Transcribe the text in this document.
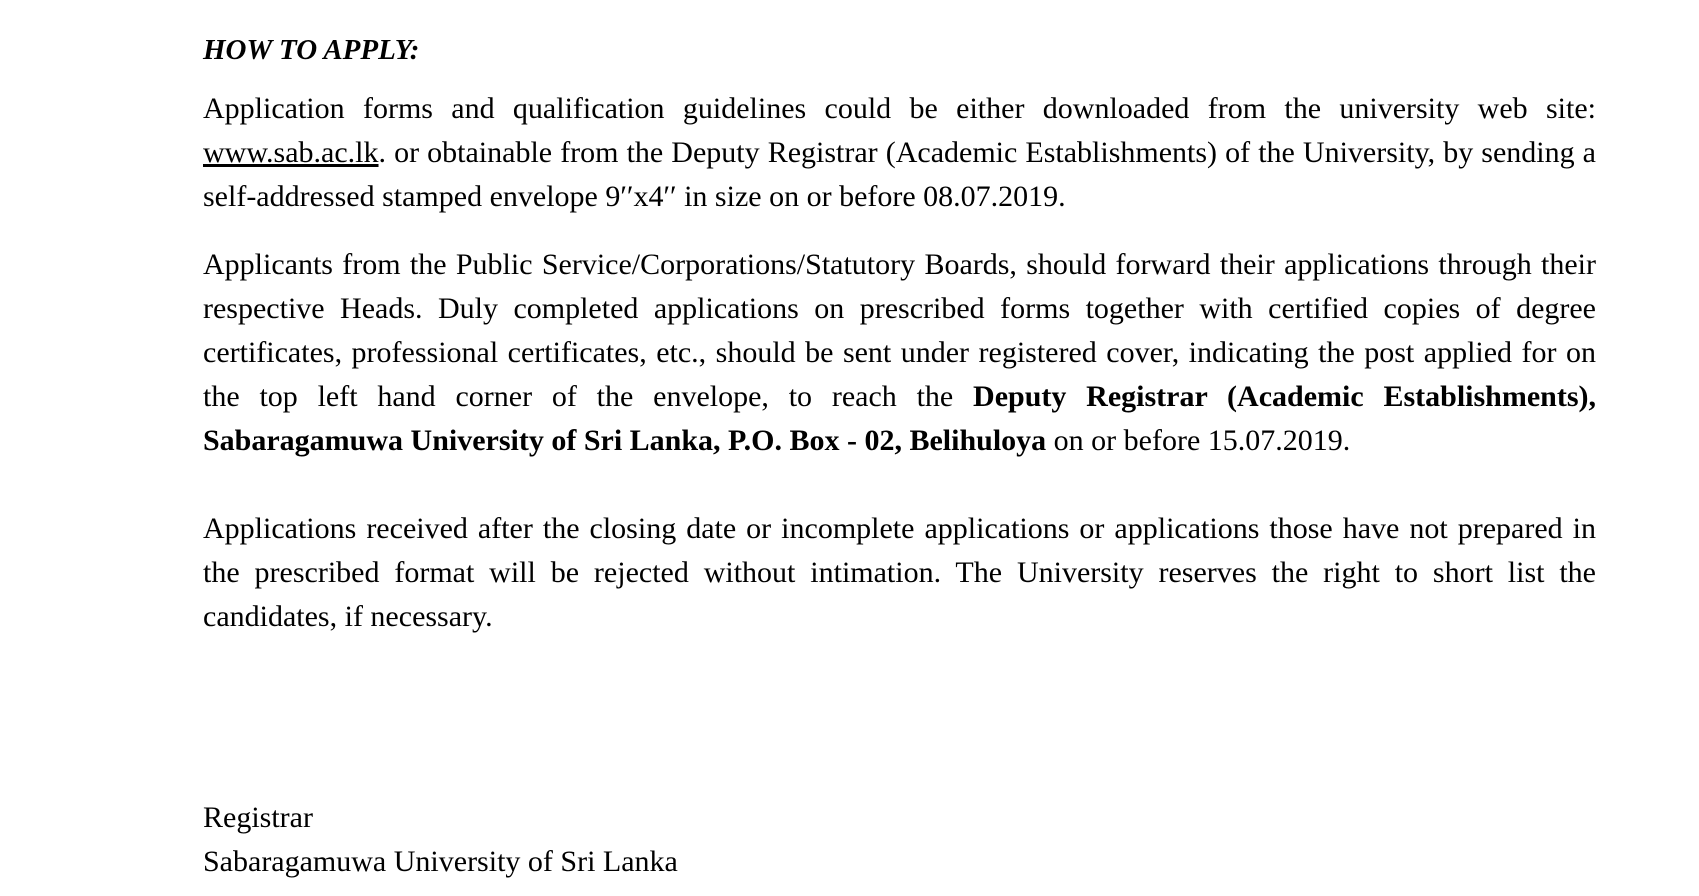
HOW TO APPLY:

Application forms and qualification guidelines could be either downloaded from the university web site: www.sab.ac.lk. or obtainable from the Deputy Registrar (Academic Establishments) of the University, by sending a self-addressed stamped envelope 9′′x4′′ in size on or before 08.07.2019.

Applicants from the Public Service/Corporations/Statutory Boards, should forward their applications through their respective Heads. Duly completed applications on prescribed forms together with certified copies of degree certificates, professional certificates, etc., should be sent under registered cover, indicating the post applied for on the top left hand corner of the envelope, to reach the Deputy Registrar (Academic Establishments), Sabaragamuwa University of Sri Lanka, P.O. Box - 02, Belihuloya on or before 15.07.2019.

Applications received after the closing date or incomplete applications or applications those have not prepared in the prescribed format will be rejected without intimation. The University reserves the right to short list the candidates, if necessary.

Registrar
Sabaragamuwa University of Sri Lanka
